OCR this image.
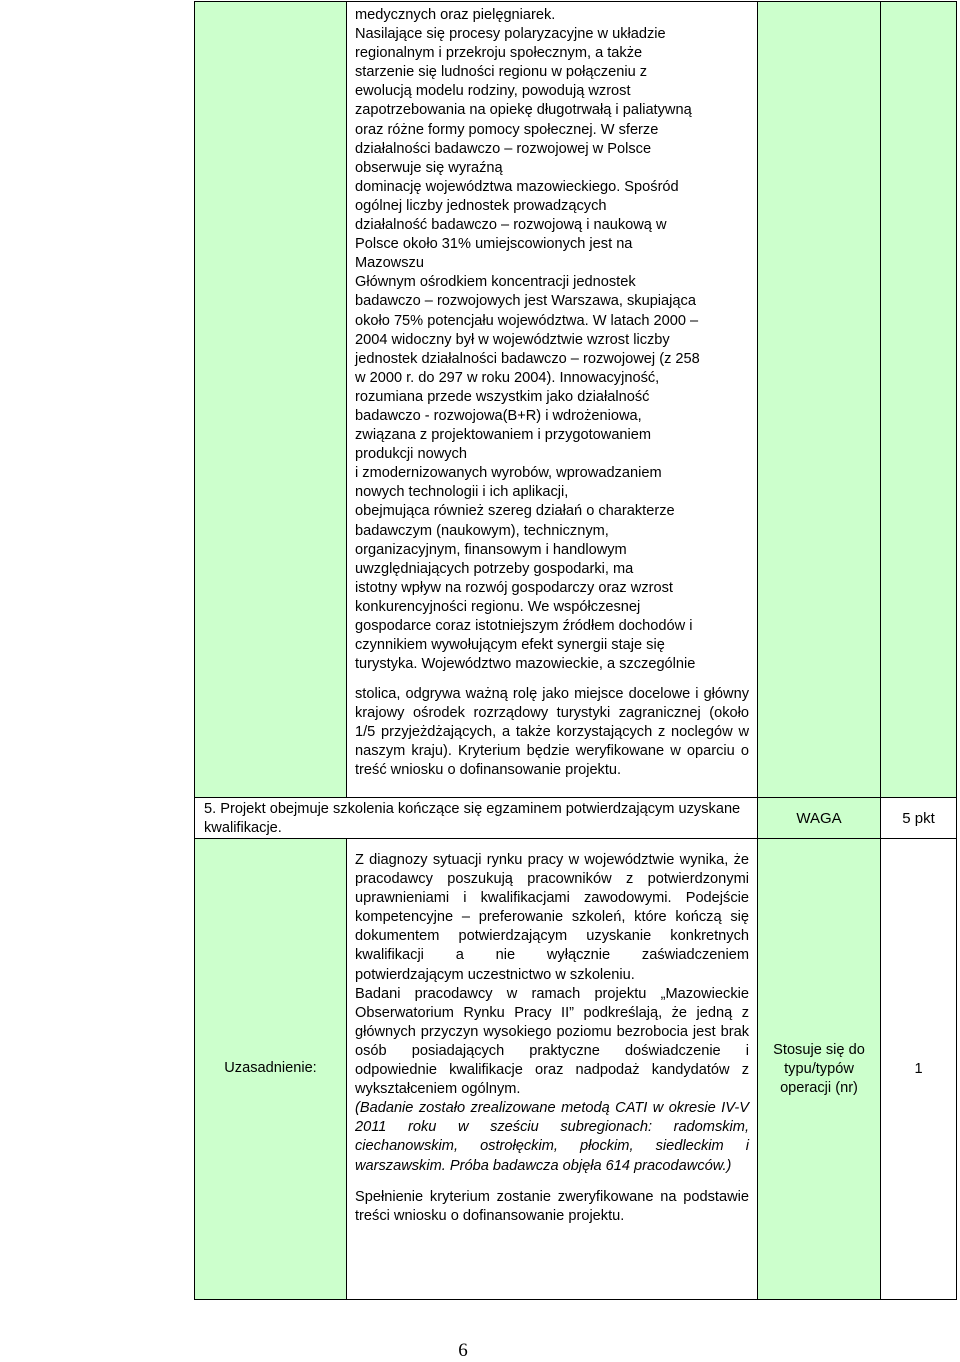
medycznych oraz pielęgniarek.
Nasilające się procesy polaryzacyjne w układzie
regionalnym i przekroju społecznym, a także
starzenie się ludności regionu w połączeniu z
ewolucją modelu rodziny, powodują wzrost
zapotrzebowania na opiekę długotrwałą i paliatywną
oraz różne formy pomocy społecznej. W sferze
działalności badawczo – rozwojowej w Polsce
obserwuje się wyraźną
dominację województwa mazowieckiego. Spośród
ogólnej liczby jednostek prowadzących
działalność badawczo – rozwojową i naukową w
Polsce około 31% umiejscowionych jest na
Mazowszu
Głównym ośrodkiem koncentracji jednostek
badawczo – rozwojowych jest Warszawa, skupiająca
około 75% potencjału województwa. W latach 2000 –
2004 widoczny był w województwie wzrost liczby
jednostek działalności badawczo – rozwojowej (z 258
w 2000 r. do 297 w roku 2004). Innowacyjność,
rozumiana przede wszystkim jako działalność
badawczo - rozwojowa(B+R) i wdrożeniowa,
związana z projektowaniem i przygotowaniem
produkcji nowych
i zmodernizowanych wyrobów, wprowadzaniem
nowych technologii i ich aplikacji,
obejmująca również szereg działań o charakterze
badawczym (naukowym), technicznym,
organizacyjnym, finansowym i handlowym
uwzględniających potrzeby gospodarki, ma
istotny wpływ na rozwój gospodarczy oraz wzrost
konkurencyjności regionu. We współczesnej
gospodarce coraz istotniejszym źródłem dochodów i
czynnikiem wywołującym efekt synergii staje się
turystyka. Województwo mazowieckie, a szczególnie
stolica, odgrywa ważną rolę jako miejsce docelowe i główny krajowy ośrodek rozrządowy turystyki zagranicznej (około 1/5 przyjeżdżających, a także korzystających z noclegów w naszym kraju). Kryterium będzie weryfikowane w oparciu o treść wniosku o dofinansowanie projektu.
5. Projekt obejmuje szkolenia kończące się egzaminem potwierdzającym uzyskane kwalifikacje.
WAGA	5 pkt
Uzasadnienie:
Z diagnozy sytuacji rynku pracy w województwie wynika, że pracodawcy poszukują pracowników z potwierdzonymi uprawnieniami i kwalifikacjami zawodowymi. Podejście kompetencyjne – preferowanie szkoleń, które kończą się dokumentem potwierdzającym uzyskanie konkretnych kwalifikacji a nie wyłącznie zaświadczeniem potwierdzającym uczestnictwo w szkoleniu.
Badani pracodawcy w ramach projektu „Mazowieckie Obserwatorium Rynku Pracy II” podkreślają, że jedną z głównych przyczyn wysokiego poziomu bezrobocia jest brak osób posiadających praktyczne doświadczenie i odpowiednie kwalifikacje oraz nadpodaż kandydatów z wykształceniem ogólnym.
(Badanie zostało zrealizowane metodą CATI w okresie IV-V 2011 roku w sześciu subregionach: radomskim, ciechanowskim, ostrołęckim, płockim, siedleckim i warszawskim. Próba badawcza objęła 614 pracodawców.)
Spełnienie kryterium zostanie zweryfikowane na podstawie treści wniosku o dofinansowanie projektu.
Stosuje się do typu/typów operacji (nr)
1
6
